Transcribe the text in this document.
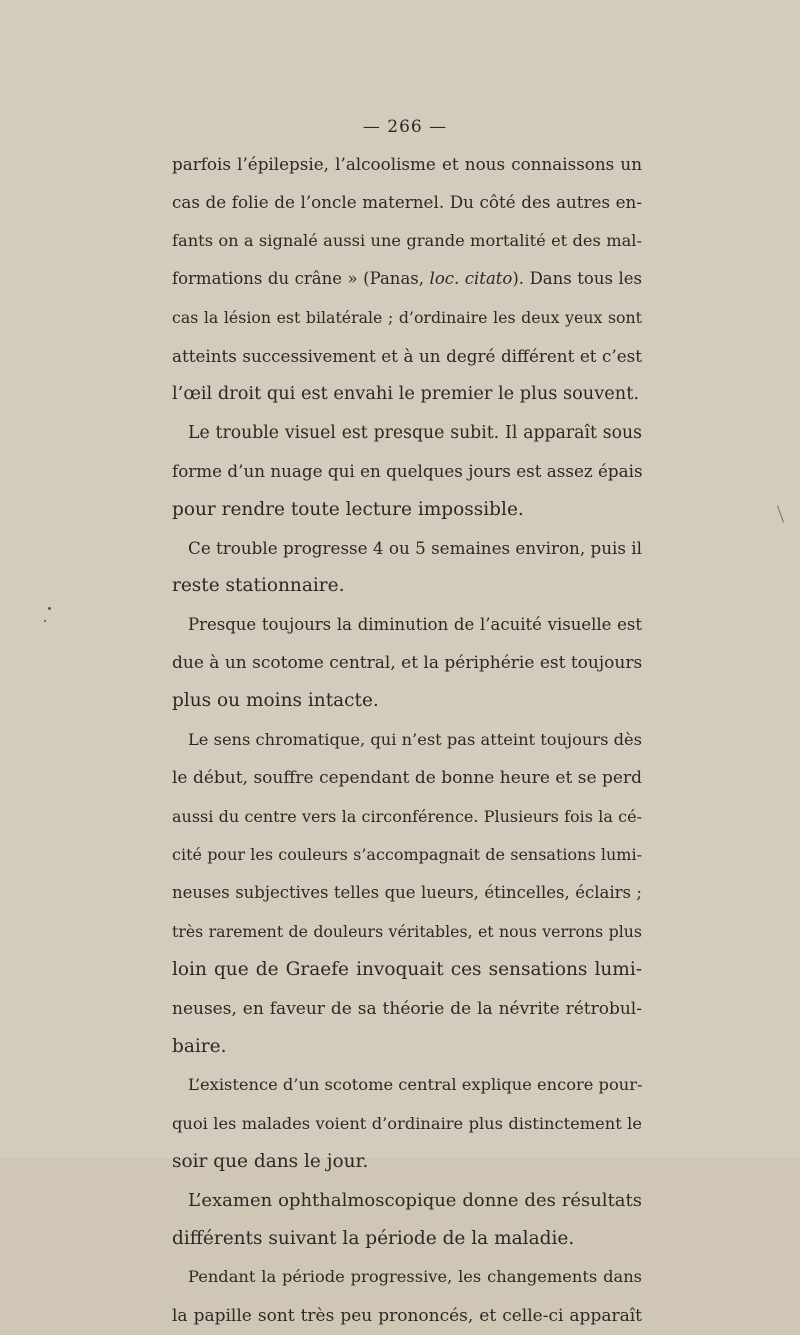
— 266 —
parfois l’épilepsie, l’alcoolisme et nous connaissons un
cas de folie de l’oncle maternel. Du côté des autres en-
fants on a signalé aussi une grande mortalité et des mal-
formations du crâne » (Panas, loc. citato). Dans tous les
cas la lésion est bilatérale ; d’ordinaire les deux yeux sont
atteints successivement et à un degré différent et c’est
l’œil droit qui est envahi le premier le plus souvent.
Le trouble visuel est presque subit. Il apparaît sous
forme d’un nuage qui en quelques jours est assez épais
pour rendre toute lecture impossible.
Ce trouble progresse 4 ou 5 semaines environ, puis il
reste stationnaire.
Presque toujours la diminution de l’acuité visuelle est
due à un scotome central, et la périphérie est toujours
plus ou moins intacte.
Le sens chromatique, qui n’est pas atteint toujours dès
le début, souffre cependant de bonne heure et se perd
aussi du centre vers la circonférence. Plusieurs fois la cé-
cité pour les couleurs s’accompagnait de sensations lumi-
neuses subjectives telles que lueurs, étincelles, éclairs ;
très rarement de douleurs véritables, et nous verrons plus
loin que de Graefe invoquait ces sensations lumi-
neuses, en faveur de sa théorie de la névrite rétrobul-
baire.
L’existence d’un scotome central explique encore pour-
quoi les malades voient d’ordinaire plus distinctement le
soir que dans le jour.
L’examen ophthalmoscopique donne des résultats
différents suivant la période de la maladie.
Pendant la période progressive, les changements dans
la papille sont très peu prononcés, et celle-ci apparaît
